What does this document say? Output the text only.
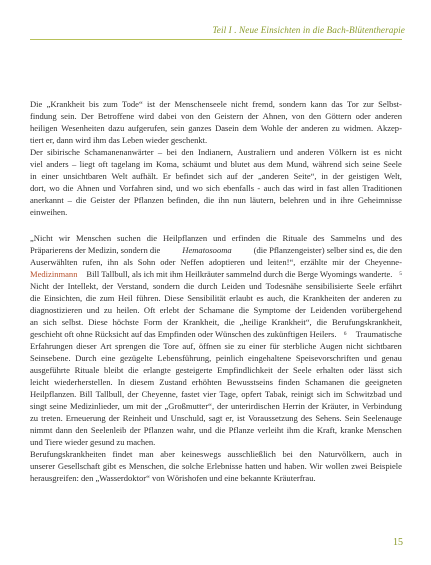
Teil I . Neue Einsichten in die Bach-Blütentherapie
Die „Krankheit bis zum Tode“ ist der Menschenseele nicht fremd, sondern kann das Tor zur Selbst-
findung sein. Der Betroffene wird dabei von den Geistern der Ahnen, von den Göttern oder anderen
heiligen Wesenheiten dazu aufgerufen, sein ganzes Dasein dem Wohle der anderen zu widmen. Akzep-
tiert er, dann wird ihm das Leben wieder geschenkt.
Der sibirische Schamanenanwärter – bei den Indianern, Australiern und anderen Völkern ist es nicht
viel anders – liegt oft tagelang im Koma, schäumt und blutet aus dem Mund, während sich seine Seele
in einer unsichtbaren Welt aufhält. Er befindet sich auf der „anderen Seite“, in der geistigen Welt,
dort, wo die Ahnen und Vorfahren sind, und wo sich ebenfalls - auch das wird in fast allen Traditionen
anerkannt – die Geister der Pflanzen befinden, die ihn nun läutern, belehren und in ihre Geheimnisse
einweihen.
„Nicht wir Menschen suchen die Heilpflanzen und erfinden die Rituale des Sammelns und des
Präparierens der Medizin, sondern die Hematosooma (die Pflanzengeister) selber sind es, die den
Auserwählten rufen, ihn als Sohn oder Neffen adoptieren und leiten!“, erzählte mir der Cheyenne-
Medizinmann Bill Tallbull, als ich mit ihm Heilkräuter sammelnd durch die Berge Wyomings wanderte. 5
Nicht der Intellekt, der Verstand, sondern die durch Leiden und Todesnähe sensibilisierte Seele erfährt
die Einsichten, die zum Heil führen. Diese Sensibilität erlaubt es auch, die Krankheiten der anderen zu
diagnostizieren und zu heilen. Oft erlebt der Schamane die Symptome der Leidenden vorübergehend
an sich selbst. Diese höchste Form der Krankheit, die „heilige Krankheit“, die Berufungskrankheit,
geschieht oft ohne Rücksicht auf das Empfinden oder Wünschen des zukünftigen Heilers. 6 Traumatische
Erfahrungen dieser Art sprengen die Tore auf, öffnen sie zu einer für sterbliche Augen nicht sichtbaren
Seinsebene. Durch eine gezügelte Lebensführung, peinlich eingehaltene Speisevorschriften und genau
ausgeführte Rituale bleibt die erlangte gesteigerte Empfindlichkeit der Seele erhalten oder lässt sich
leicht wiederherstellen. In diesem Zustand erhöhten Bewusstseins finden Schamanen die geeigneten
Heilpflanzen. Bill Tallbull, der Cheyenne, fastet vier Tage, opfert Tabak, reinigt sich im Schwitzbad und
singt seine Medizinlieder, um mit der „Großmutter“, der unterirdischen Herrin der Kräuter, in Verbindung
zu treten. Erneuerung der Reinheit und Unschuld, sagt er, ist Voraussetzung des Sehens. Sein Seelenauge
nimmt dann den Seelenleib der Pflanzen wahr, und die Pflanze verleiht ihm die Kraft, kranke Menschen
und Tiere wieder gesund zu machen.
Berufungskrankheiten findet man aber keineswegs ausschließlich bei den Naturvölkern, auch in
unserer Gesellschaft gibt es Menschen, die solche Erlebnisse hatten und haben. Wir wollen zwei Beispiele
herausgreifen: den „Wasserdoktor“ von Wörishofen und eine bekannte Kräuterfrau.
15
